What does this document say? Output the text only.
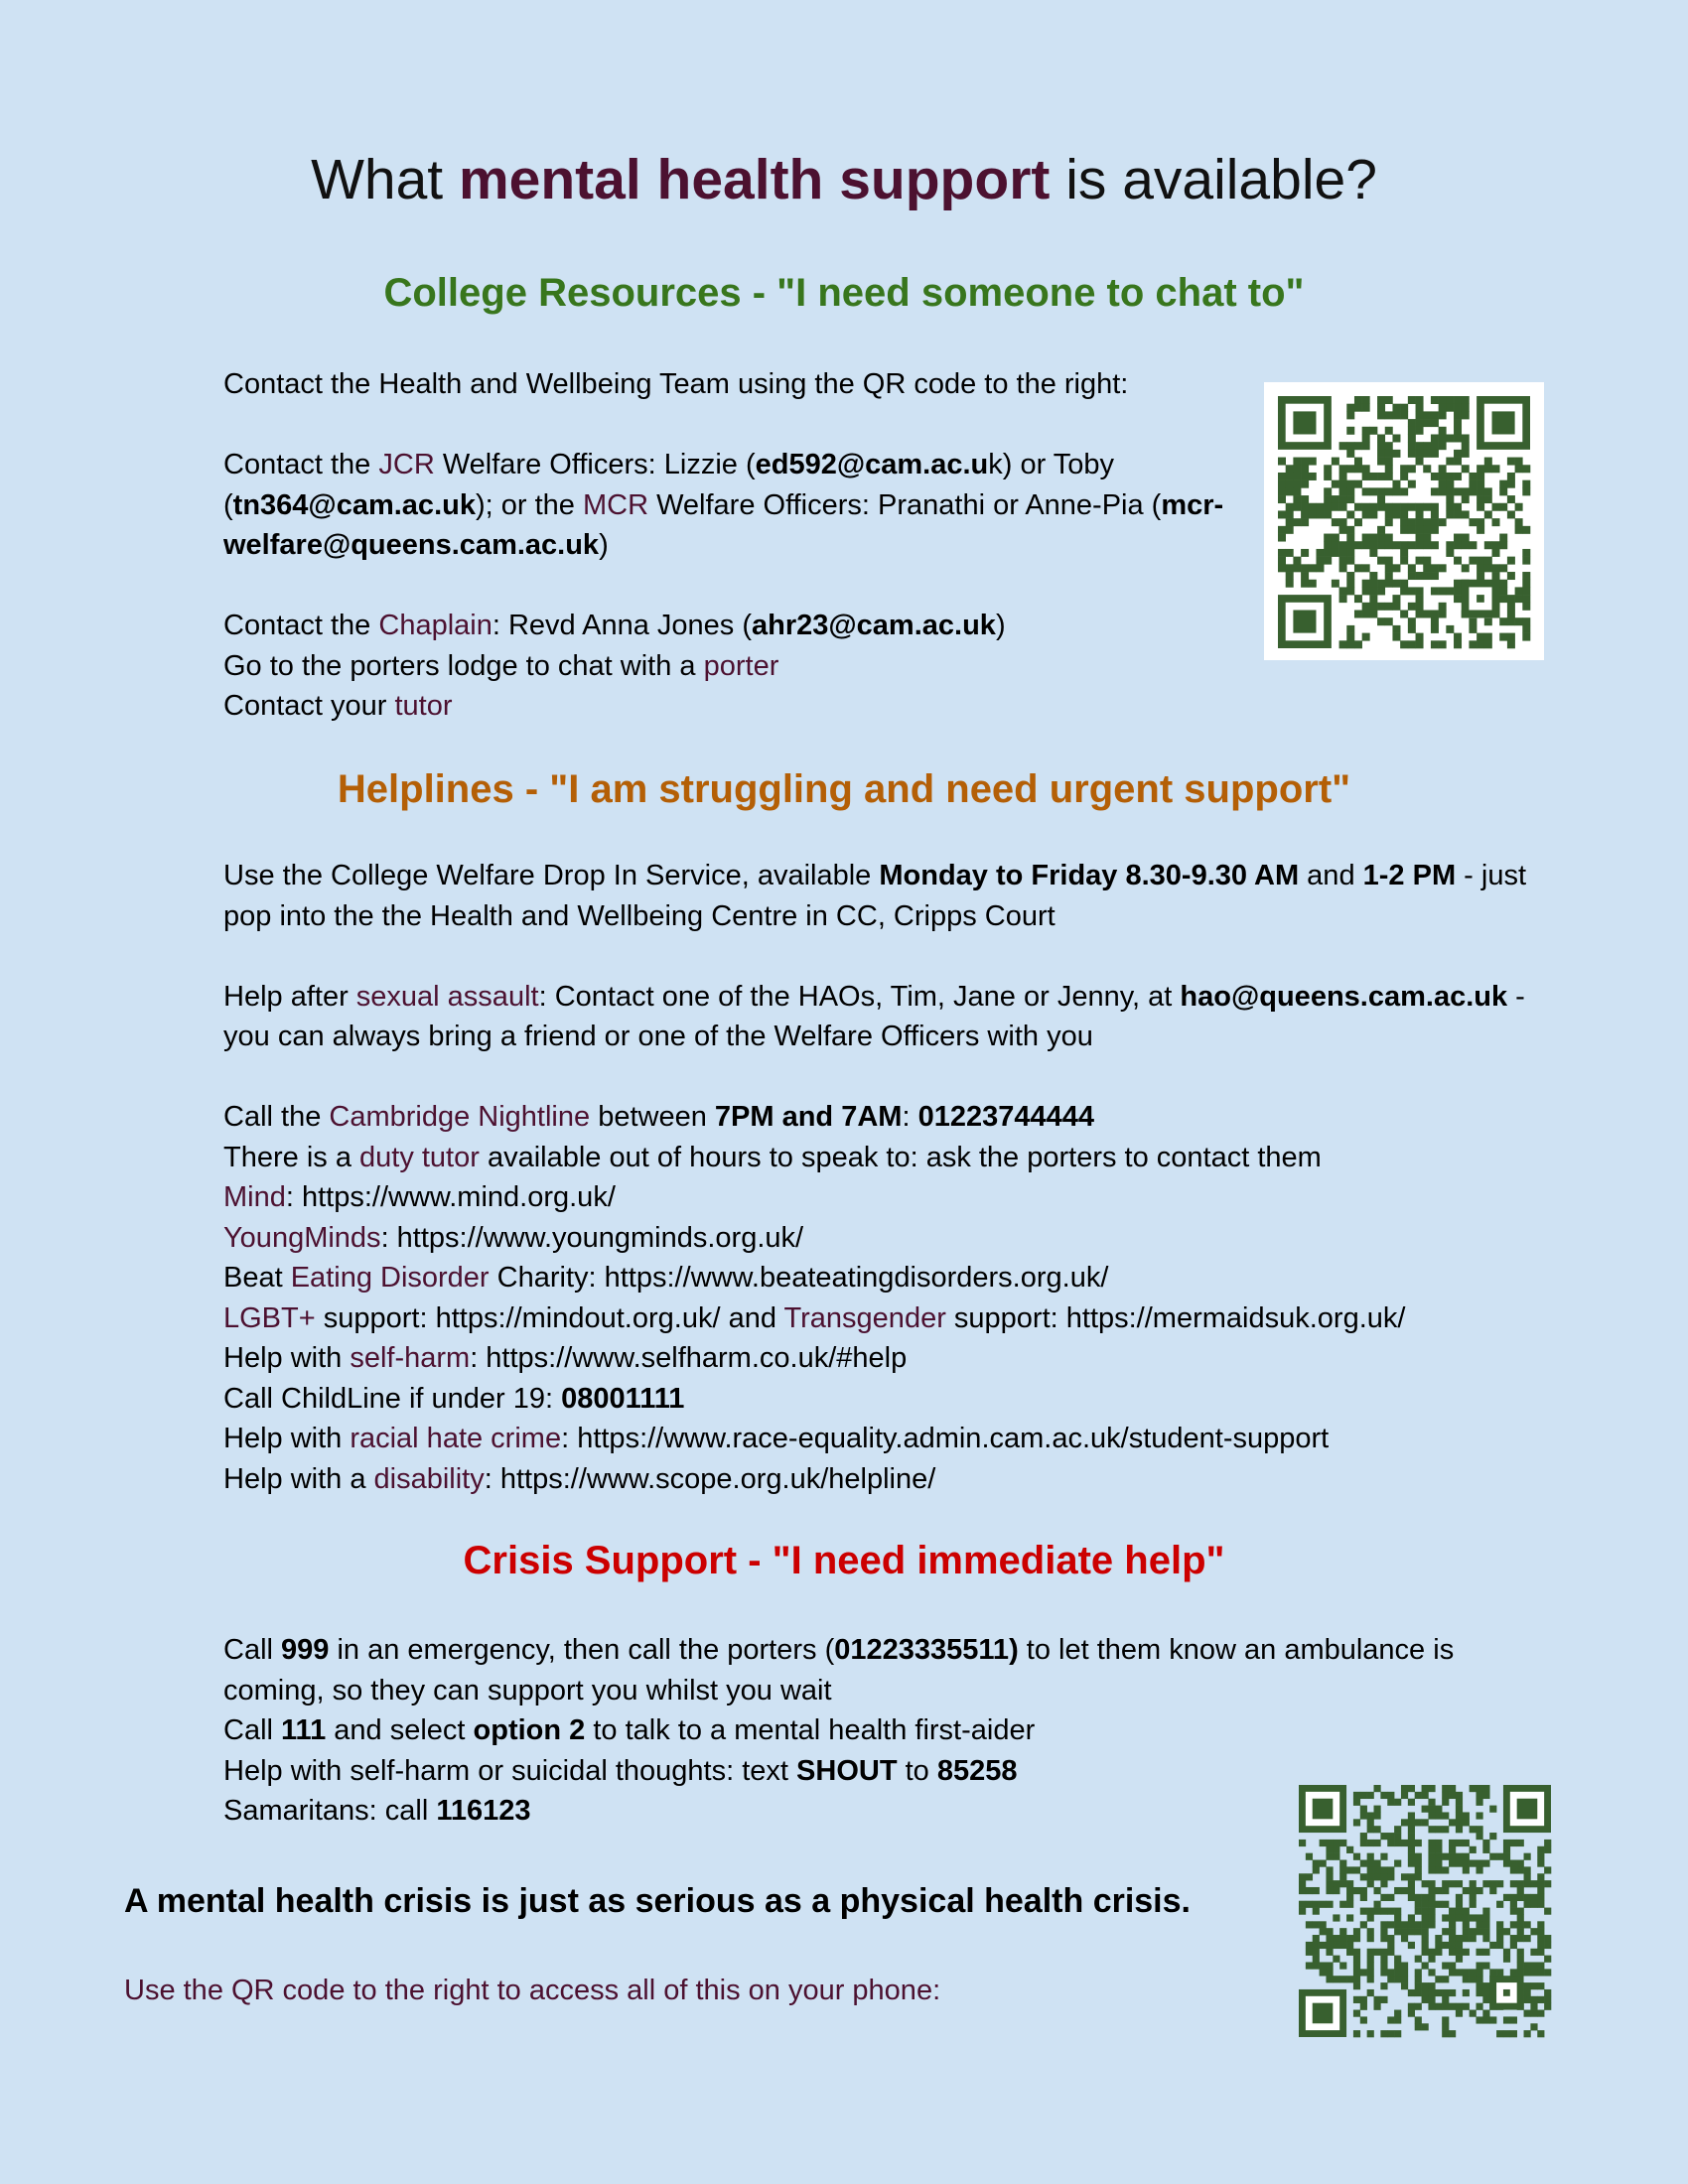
What mental health support is available?
College Resources - "I need someone to chat to"

Contact the Health and Wellbeing Team using the QR code to the right:

Contact the JCR Welfare Officers: Lizzie (ed592@cam.ac.uk) or Toby (tn364@cam.ac.uk); or the MCR Welfare Officers: Pranathi or Anne-Pia (mcr-welfare@queens.cam.ac.uk)

Contact the Chaplain: Revd Anna Jones (ahr23@cam.ac.uk)

Go to the porters lodge to chat with a porter

Contact your tutor

Helplines - "I am struggling and need urgent support"

Use the College Welfare Drop In Service, available Monday to Friday 8.30-9.30 AM and 1-2 PM - just pop into the the Health and Wellbeing Centre in CC, Cripps Court

Help after sexual assault: Contact one of the HAOs, Tim, Jane or Jenny, at hao@queens.cam.ac.uk - you can always bring a friend or one of the Welfare Officers with you

Call the Cambridge Nightline between 7PM and 7AM: 01223744444

There is a duty tutor available out of hours to speak to: ask the porters to contact them

Mind: https://www.mind.org.uk/

YoungMinds: https://www.youngminds.org.uk/

Beat Eating Disorder Charity: https://www.beateatingdisorders.org.uk/

LGBT+ support: https://mindout.org.uk/ and Transgender support: https://mermaidsuk.org.uk/

Help with self-harm: https://www.selfharm.co.uk/#help

Call ChildLine if under 19: 08001111

Help with racial hate crime: https://www.race-equality.admin.cam.ac.uk/student-support

Help with a disability: https://www.scope.org.uk/helpline/

Crisis Support - "I need immediate help"

Call 999 in an emergency, then call the porters (01223335511) to let them know an ambulance is coming, so they can support you whilst you wait

Call 111 and select option 2 to talk to a mental health first-aider

Help with self-harm or suicidal thoughts: text SHOUT to 85258

Samaritans: call 116123

A mental health crisis is just as serious as a physical health crisis.

Use the QR code to the right to access all of this on your phone:
